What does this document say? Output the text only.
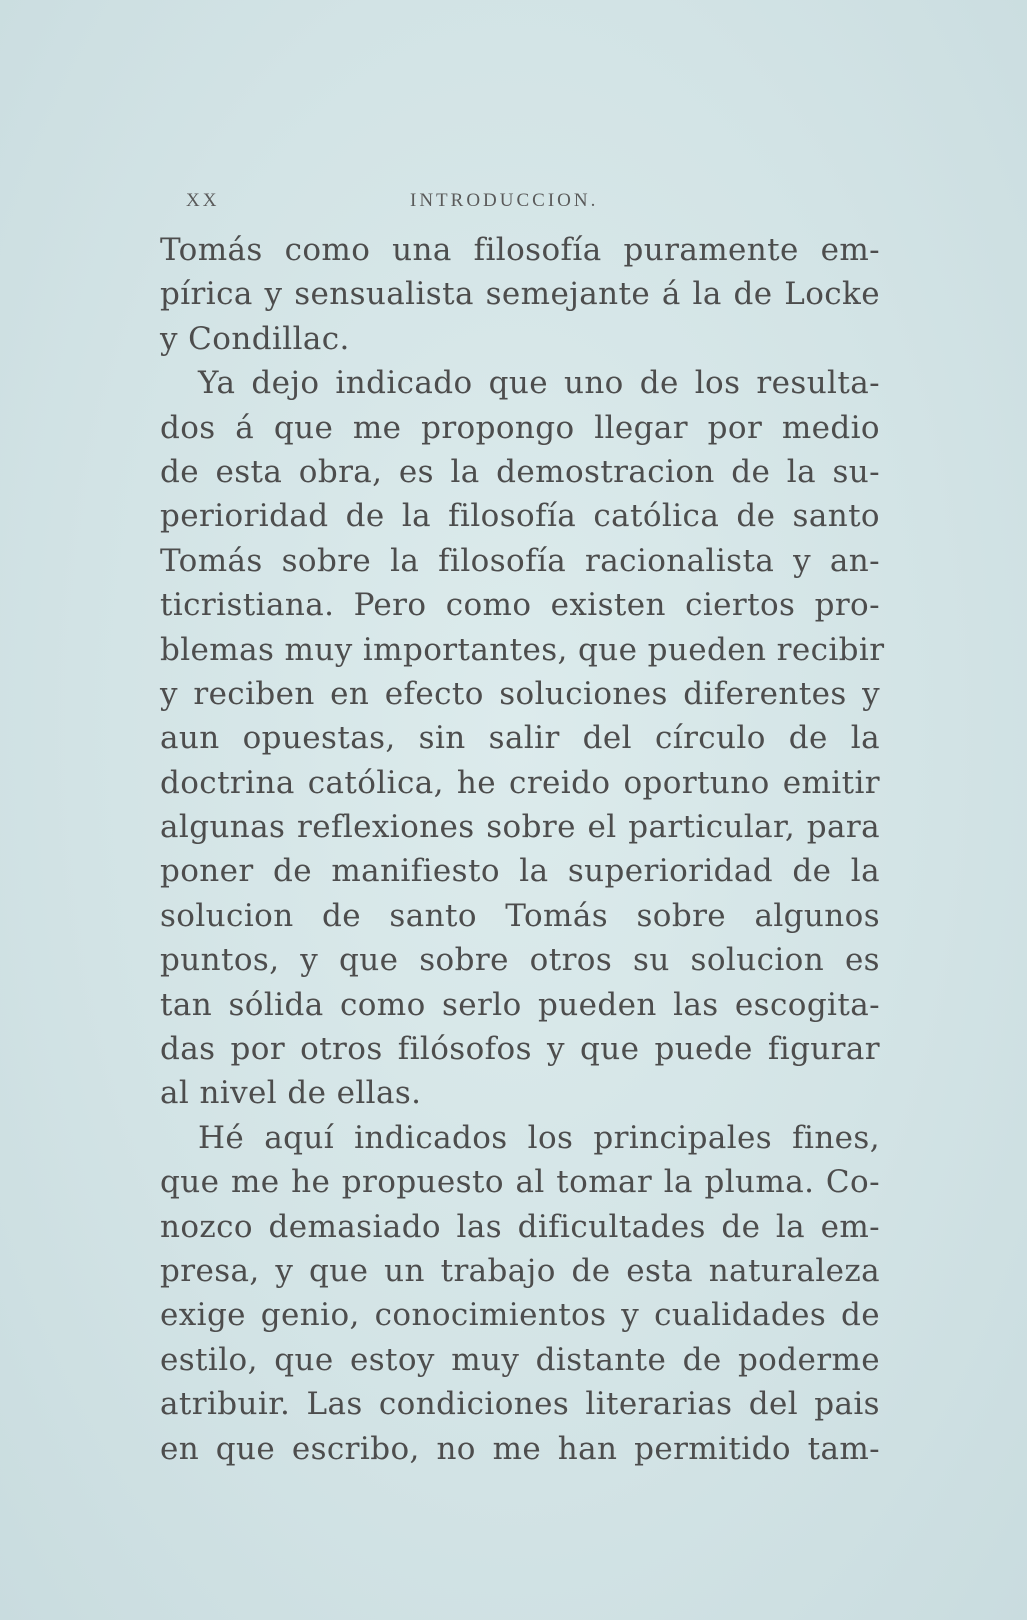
XX	INTRODUCCION.
Tomás como una filosofía puramente em-
pírica y sensualista semejante á la de Locke
y Condillac.
Ya dejo indicado que uno de los resulta-
dos á que me propongo llegar por medio
de esta obra, es la demostracion de la su-
perioridad de la filosofía católica de santo
Tomás sobre la filosofía racionalista y an-
ticristiana. Pero como existen ciertos pro-
blemas muy importantes, que pueden recibir
y reciben en efecto soluciones diferentes y
aun opuestas, sin salir del círculo de la
doctrina católica, he creido oportuno emitir
algunas reflexiones sobre el particular, para
poner de manifiesto la superioridad de la
solucion de santo Tomás sobre algunos
puntos, y que sobre otros su solucion es
tan sólida como serlo pueden las escogita-
das por otros filósofos y que puede figurar
al nivel de ellas.
Hé aquí indicados los principales fines,
que me he propuesto al tomar la pluma. Co-
nozco demasiado las dificultades de la em-
presa, y que un trabajo de esta naturaleza
exige genio, conocimientos y cualidades de
estilo, que estoy muy distante de poderme
atribuir. Las condiciones literarias del pais
en que escribo, no me han permitido tam-
